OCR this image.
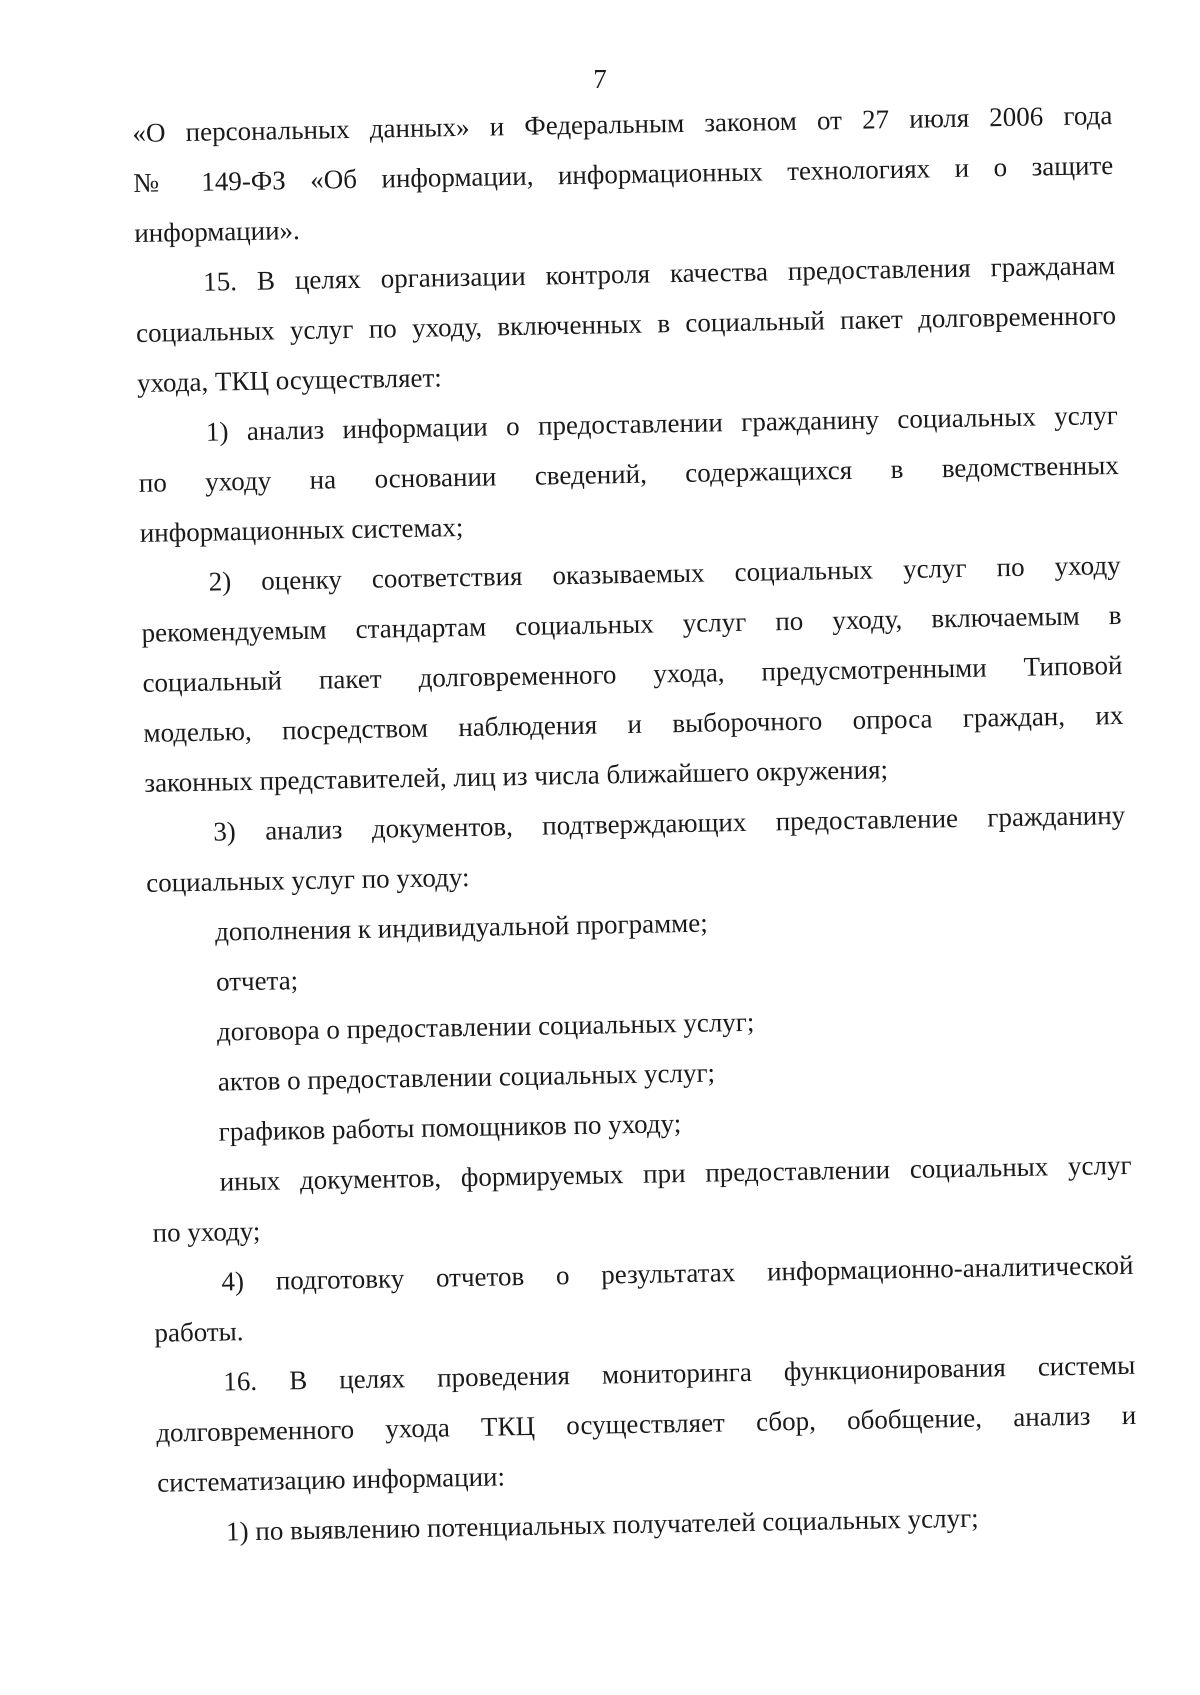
7
«О персональных данных» и Федеральным законом от 27 июля 2006 года
№ 149-ФЗ «Об информации, информационных технологиях и о защите
информации».
15. В целях организации контроля качества предоставления гражданам
социальных услуг по уходу, включенных в социальный пакет долговременного
ухода, ТКЦ осуществляет:
1) анализ информации о предоставлении гражданину социальных услуг
по уходу на основании сведений, содержащихся в ведомственных
информационных системах;
2) оценку соответствия оказываемых социальных услуг по уходу
рекомендуемым стандартам социальных услуг по уходу, включаемым в
социальный пакет долговременного ухода, предусмотренными Типовой
моделью, посредством наблюдения и выборочного опроса граждан, их
законных представителей, лиц из числа ближайшего окружения;
3) анализ документов, подтверждающих предоставление гражданину
социальных услуг по уходу:
дополнения к индивидуальной программе;
отчета;
договора о предоставлении социальных услуг;
актов о предоставлении социальных услуг;
графиков работы помощников по уходу;
иных документов, формируемых при предоставлении социальных услуг
по уходу;
4) подготовку отчетов о результатах информационно-аналитической
работы.
16. В целях проведения мониторинга функционирования системы
долговременного ухода ТКЦ осуществляет сбор, обобщение, анализ и
систематизацию информации:
1) по выявлению потенциальных получателей социальных услуг;
